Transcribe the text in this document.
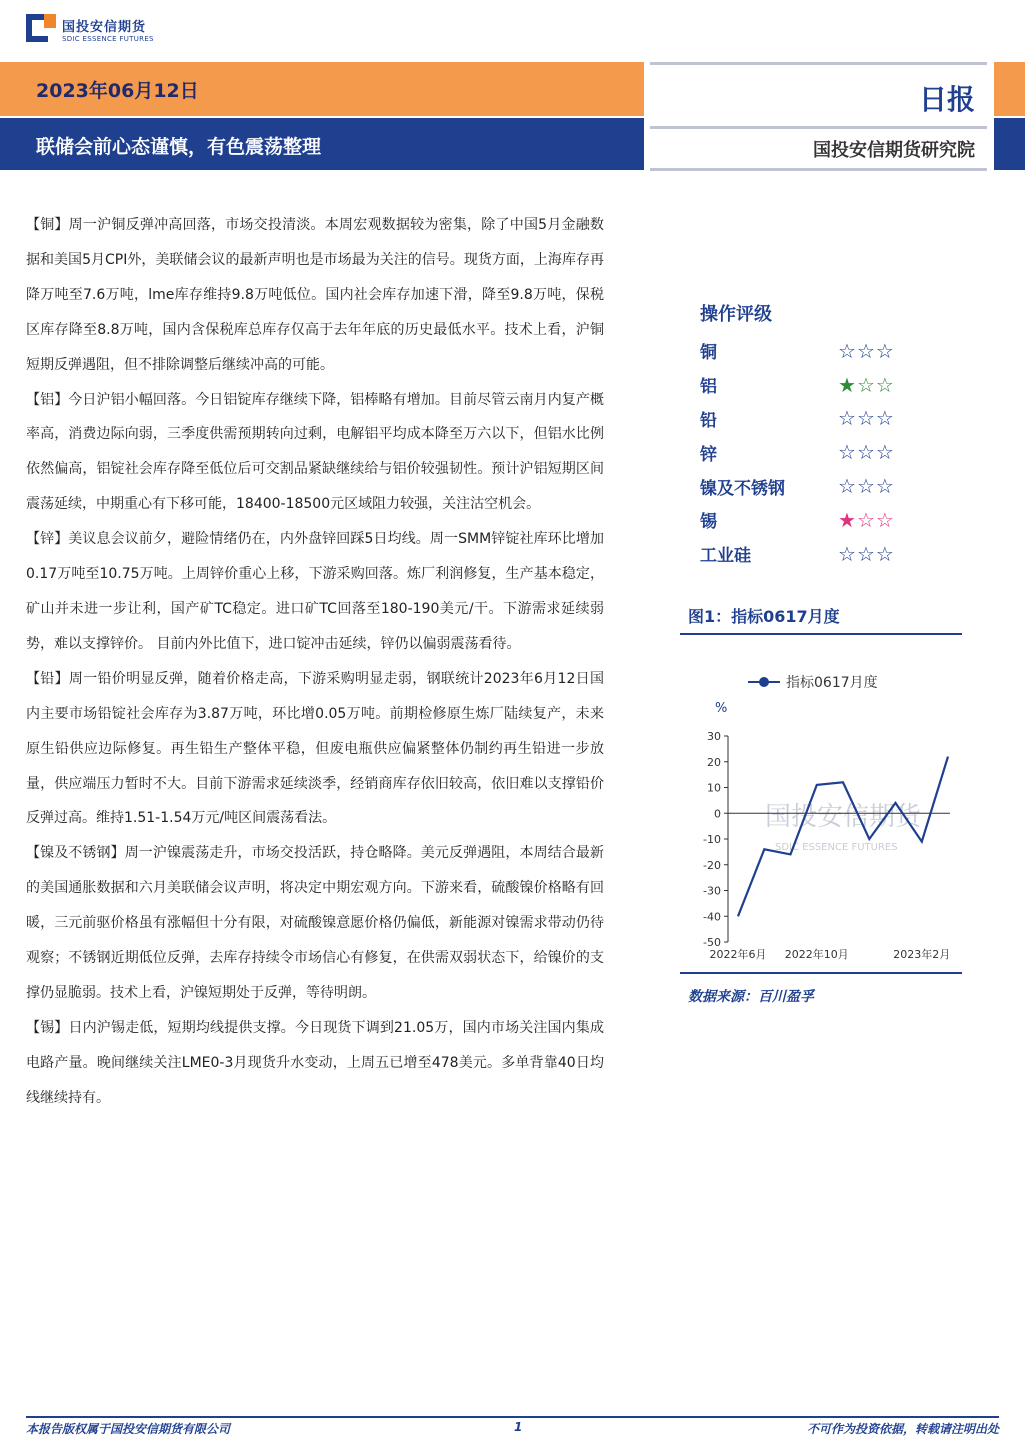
国投安信期货
SDIC ESSENCE FUTURES
2023年06月12日
联储会前心态谨慎，有色震荡整理
日报
国投安信期货研究院

【铜】周一沪铜反弹冲高回落，市场交投清淡。本周宏观数据较为密集，除了中国5月金融数据和美国5月CPI外，美联储会议的最新声明也是市场最为关注的信号。现货方面，上海库存再降万吨至7.6万吨，lme库存维持9.8万吨低位。国内社会库存加速下滑，降至9.8万吨，保税区库存降至8.8万吨，国内含保税库总库存仅高于去年年底的历史最低水平。技术上看，沪铜短期反弹遇阻，但不排除调整后继续冲高的可能。

【铝】今日沪铝小幅回落。今日铝锭库存继续下降，铝棒略有增加。目前尽管云南月内复产概率高，消费边际向弱，三季度供需预期转向过剩，电解铝平均成本降至万六以下，但铝水比例依然偏高，铝锭社会库存降至低位后可交割品紧缺继续给与铝价较强韧性。预计沪铝短期区间震荡延续，中期重心有下移可能，18400-18500元区域阻力较强，关注沽空机会。

【锌】美议息会议前夕，避险情绪仍在，内外盘锌回踩5日均线。周一SMM锌锭社库环比增加0.17万吨至10.75万吨。上周锌价重心上移，下游采购回落。炼厂利润修复，生产基本稳定，矿山并未进一步让利，国产矿TC稳定。进口矿TC回落至180-190美元/干。下游需求延续弱势，难以支撑锌价。 目前内外比值下，进口锭冲击延续，锌仍以偏弱震荡看待。

【铅】周一铅价明显反弹，随着价格走高，下游采购明显走弱，钢联统计2023年6月12日国内主要市场铅锭社会库存为3.87万吨，环比增0.05万吨。前期检修原生炼厂陆续复产，未来原生铅供应边际修复。再生铅生产整体平稳，但废电瓶供应偏紧整体仍制约再生铅进一步放量，供应端压力暂时不大。目前下游需求延续淡季，经销商库存依旧较高，依旧难以支撑铅价反弹过高。维持1.51-1.54万元/吨区间震荡看法。

【镍及不锈钢】周一沪镍震荡走升，市场交投活跃，持仓略降。美元反弹遇阻，本周结合最新的美国通胀数据和六月美联储会议声明，将决定中期宏观方向。下游来看，硫酸镍价格略有回暖，三元前驱价格虽有涨幅但十分有限，对硫酸镍意愿价格仍偏低，新能源对镍需求带动仍待观察；不锈钢近期低位反弹，去库存持续令市场信心有修复，在供需双弱状态下，给镍价的支撑仍显脆弱。技术上看，沪镍短期处于反弹，等待明朗。

【锡】日内沪锡走低，短期均线提供支撑。今日现货下调到21.05万，国内市场关注国内集成电路产量。晚间继续关注LME0-3月现货升水变动，上周五已增至478美元。多单背靠40日均线继续持有。

操作评级
铜	☆☆☆
铝	★☆☆
铅	☆☆☆
锌	☆☆☆
镍及不锈钢	☆☆☆
锡	★☆☆
工业硅	☆☆☆
图1：指标0617月度
国投安信期货
SDIC ESSENCE FUTURES
指标0617月度
%
30
20
10
0
-10
-20
-30
-40
-50
2022年6月 2022年10月	2023年2月
数据来源：百川盈孚
本报告版权属于国投安信期货有限公司	1	不可作为投资依据，转载请注明出处
